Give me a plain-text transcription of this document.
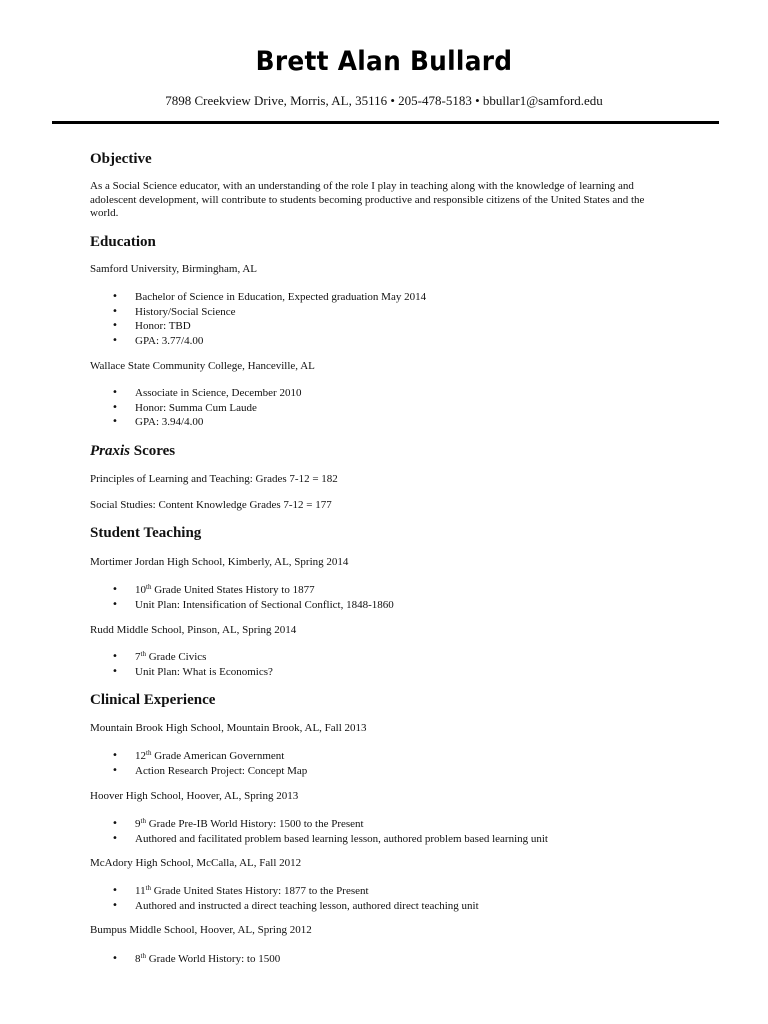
Brett Alan Bullard
7898 Creekview Drive, Morris, AL, 35116 • 205-478-5183 • bbullar1@samford.edu
Objective
As a Social Science educator, with an understanding of the role I play in teaching along with the knowledge of learning and adolescent development, will contribute to students becoming productive and responsible citizens of the United States and the world.
Education
Samford University, Birmingham, AL
• Bachelor of Science in Education, Expected graduation May 2014
• History/Social Science
• Honor: TBD
• GPA: 3.77/4.00
Wallace State Community College, Hanceville, AL
• Associate in Science, December 2010
• Honor: Summa Cum Laude
• GPA: 3.94/4.00
Praxis Scores
Principles of Learning and Teaching: Grades 7-12 = 182
Social Studies: Content Knowledge Grades 7-12 = 177
Student Teaching
Mortimer Jordan High School, Kimberly, AL, Spring 2014
• 10th Grade United States History to 1877
• Unit Plan: Intensification of Sectional Conflict, 1848-1860
Rudd Middle School, Pinson, AL, Spring 2014
• 7th Grade Civics
• Unit Plan: What is Economics?
Clinical Experience
Mountain Brook High School, Mountain Brook, AL, Fall 2013
• 12th Grade American Government
• Action Research Project: Concept Map
Hoover High School, Hoover, AL, Spring 2013
• 9th Grade Pre-IB World History: 1500 to the Present
• Authored and facilitated problem based learning lesson, authored problem based learning unit
McAdory High School, McCalla, AL, Fall 2012
• 11th Grade United States History: 1877 to the Present
• Authored and instructed a direct teaching lesson, authored direct teaching unit
Bumpus Middle School, Hoover, AL, Spring 2012
• 8th Grade World History: to 1500
